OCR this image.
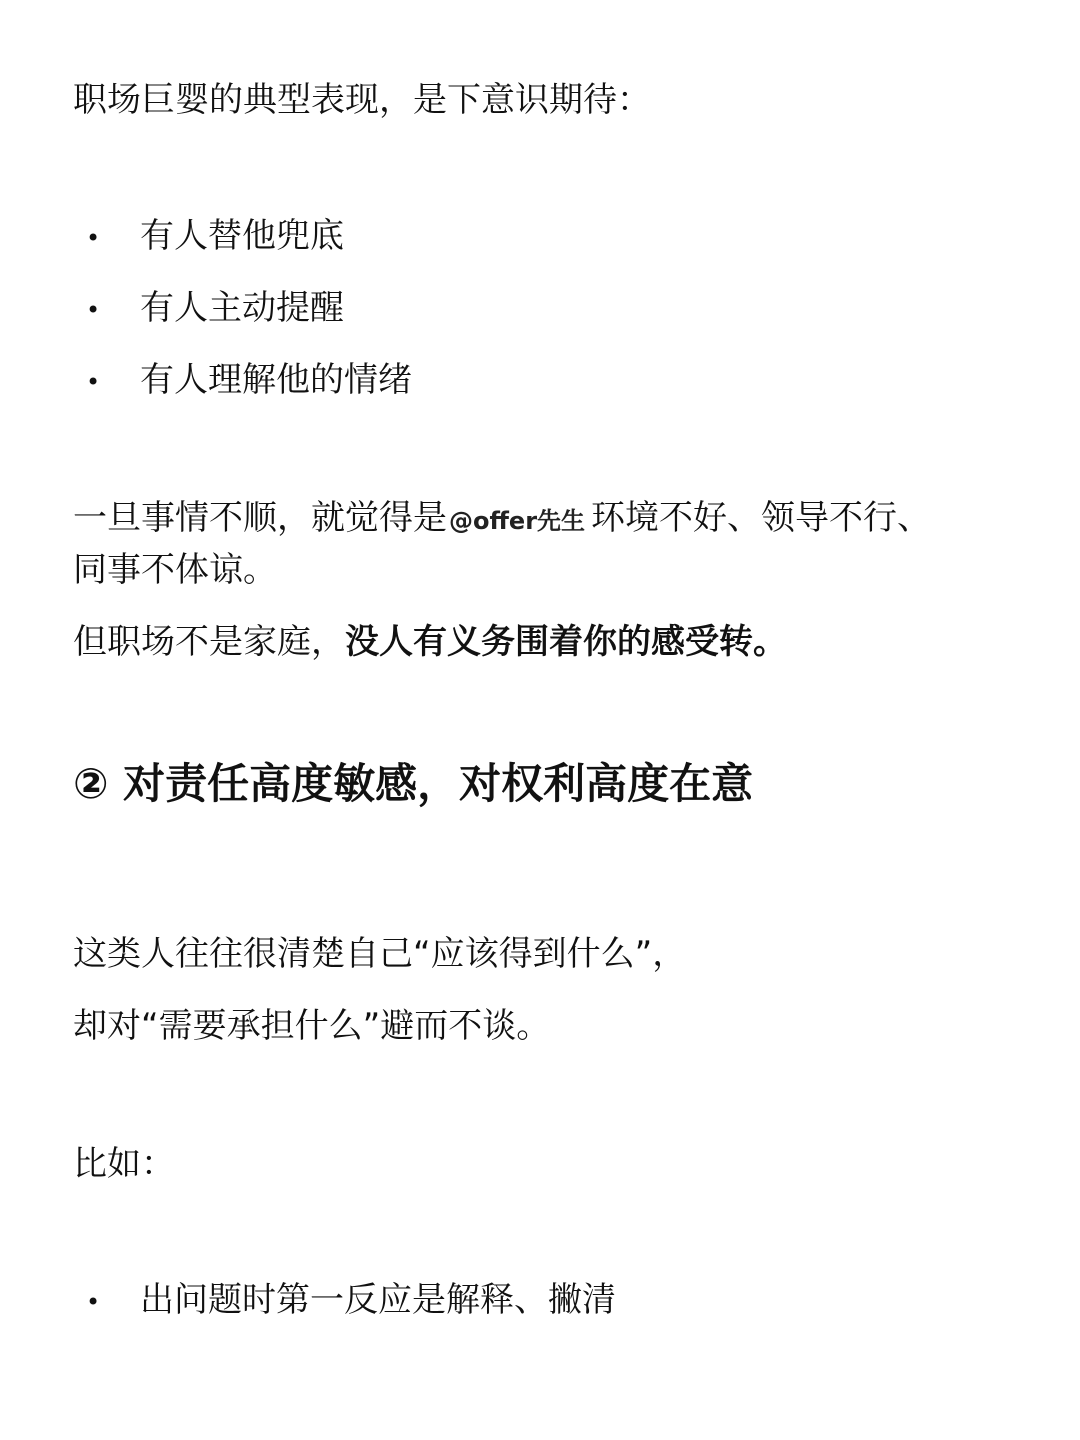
职场巨婴的典型表现，是下意识期待：
• 有人替他兜底
• 有人主动提醒
• 有人理解他的情绪
一旦事情不顺，就觉得是@offer先生 环境不好、领导不行、
同事不体谅。
但职场不是家庭，没人有义务围着你的感受转。
② 对责任高度敏感，对权利高度在意
这类人往往很清楚自己“应该得到什么”，
却对“需要承担什么”避而不谈。
比如：
• 出问题时第一反应是解释、撇清
